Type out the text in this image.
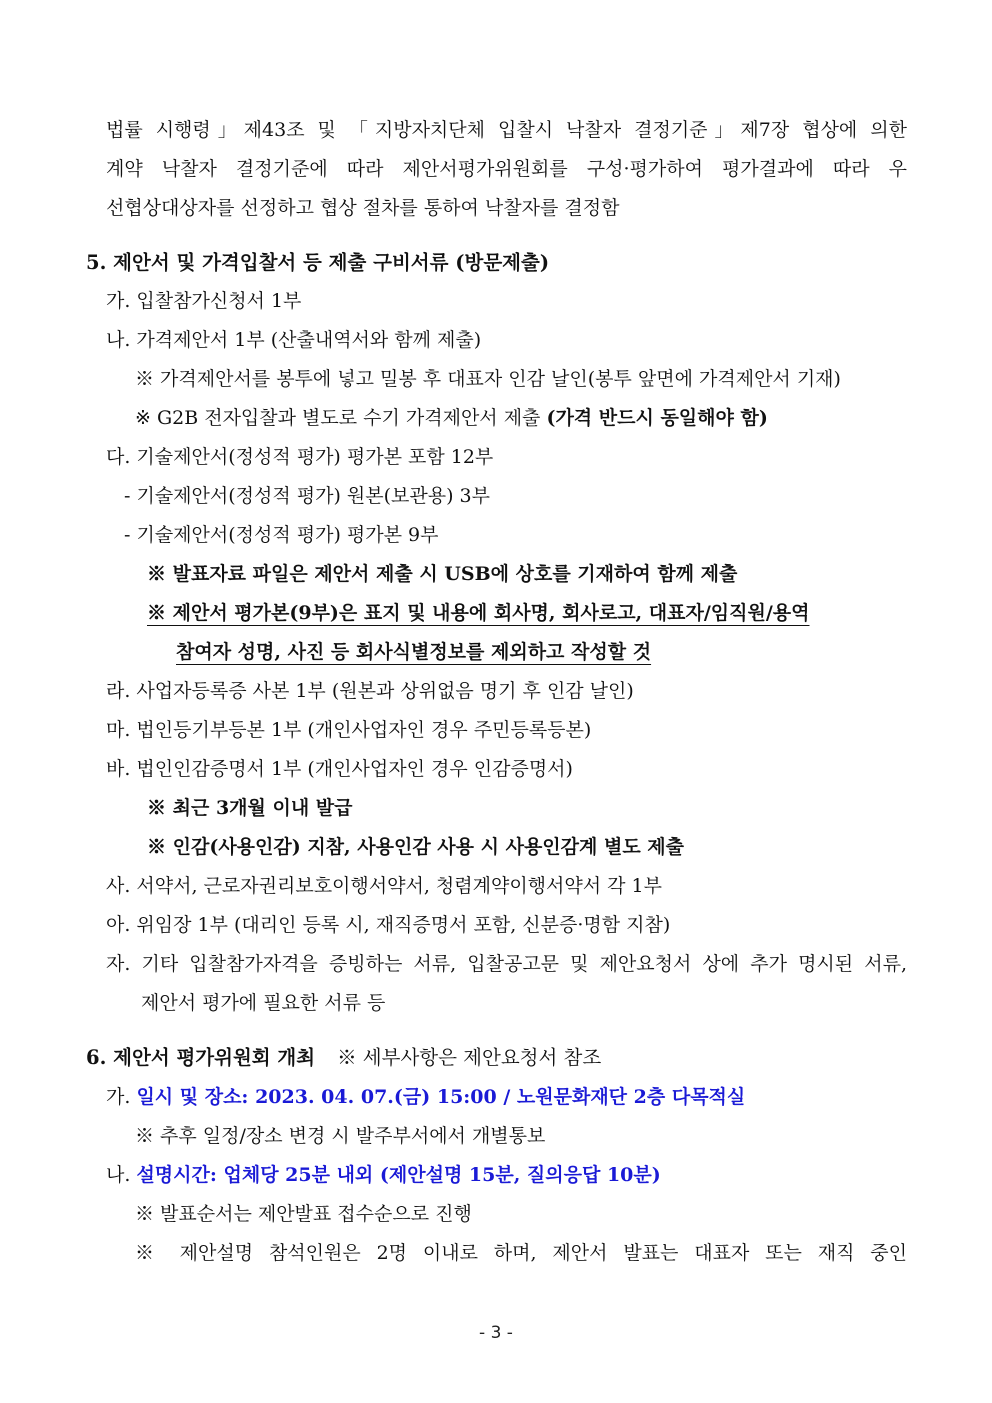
법률 시행령」제43조 및 「지방자치단체 입찰시 낙찰자 결정기준」제7장 협상에 의한
계약 낙찰자 결정기준에 따라 제안서평가위원회를 구성·평가하여 평가결과에 따라 우
선협상대상자를 선정하고 협상 절차를 통하여 낙찰자를 결정함
5. 제안서 및 가격입찰서 등 제출 구비서류 (방문제출)
가. 입찰참가신청서 1부
나. 가격제안서 1부 (산출내역서와 함께 제출)
※ 가격제안서를 봉투에 넣고 밀봉 후 대표자 인감 날인(봉투 앞면에 가격제안서 기재)
※ G2B 전자입찰과 별도로 수기 가격제안서 제출 (가격 반드시 동일해야 함)
다. 기술제안서(정성적 평가) 평가본 포함 12부
- 기술제안서(정성적 평가) 원본(보관용) 3부
- 기술제안서(정성적 평가) 평가본 9부
※ 발표자료 파일은 제안서 제출 시 USB에 상호를 기재하여 함께 제출
※ 제안서 평가본(9부)은 표지 및 내용에 회사명, 회사로고, 대표자/임직원/용역
참여자 성명, 사진 등 회사식별정보를 제외하고 작성할 것
라. 사업자등록증 사본 1부 (원본과 상위없음 명기 후 인감 날인)
마. 법인등기부등본 1부 (개인사업자인 경우 주민등록등본)
바. 법인인감증명서 1부 (개인사업자인 경우 인감증명서)
※ 최근 3개월 이내 발급
※ 인감(사용인감) 지참, 사용인감 사용 시 사용인감계 별도 제출
사. 서약서, 근로자권리보호이행서약서, 청렴계약이행서약서 각 1부
아. 위임장 1부 (대리인 등록 시, 재직증명서 포함, 신분증·명함 지참)
자. 기타 입찰참가자격을 증빙하는 서류, 입찰공고문 및 제안요청서 상에 추가 명시된 서류,
제안서 평가에 필요한 서류 등
6. 제안서 평가위원회 개최 ※ 세부사항은 제안요청서 참조
가. 일시 및 장소: 2023. 04. 07.(금) 15:00 / 노원문화재단 2층 다목적실
※ 추후 일정/장소 변경 시 발주부서에서 개별통보
나. 설명시간: 업체당 25분 내외 (제안설명 15분, 질의응답 10분)
※ 발표순서는 제안발표 접수순으로 진행
※ 제안설명 참석인원은 2명 이내로 하며, 제안서 발표는 대표자 또는 재직 중인
- 3 -
